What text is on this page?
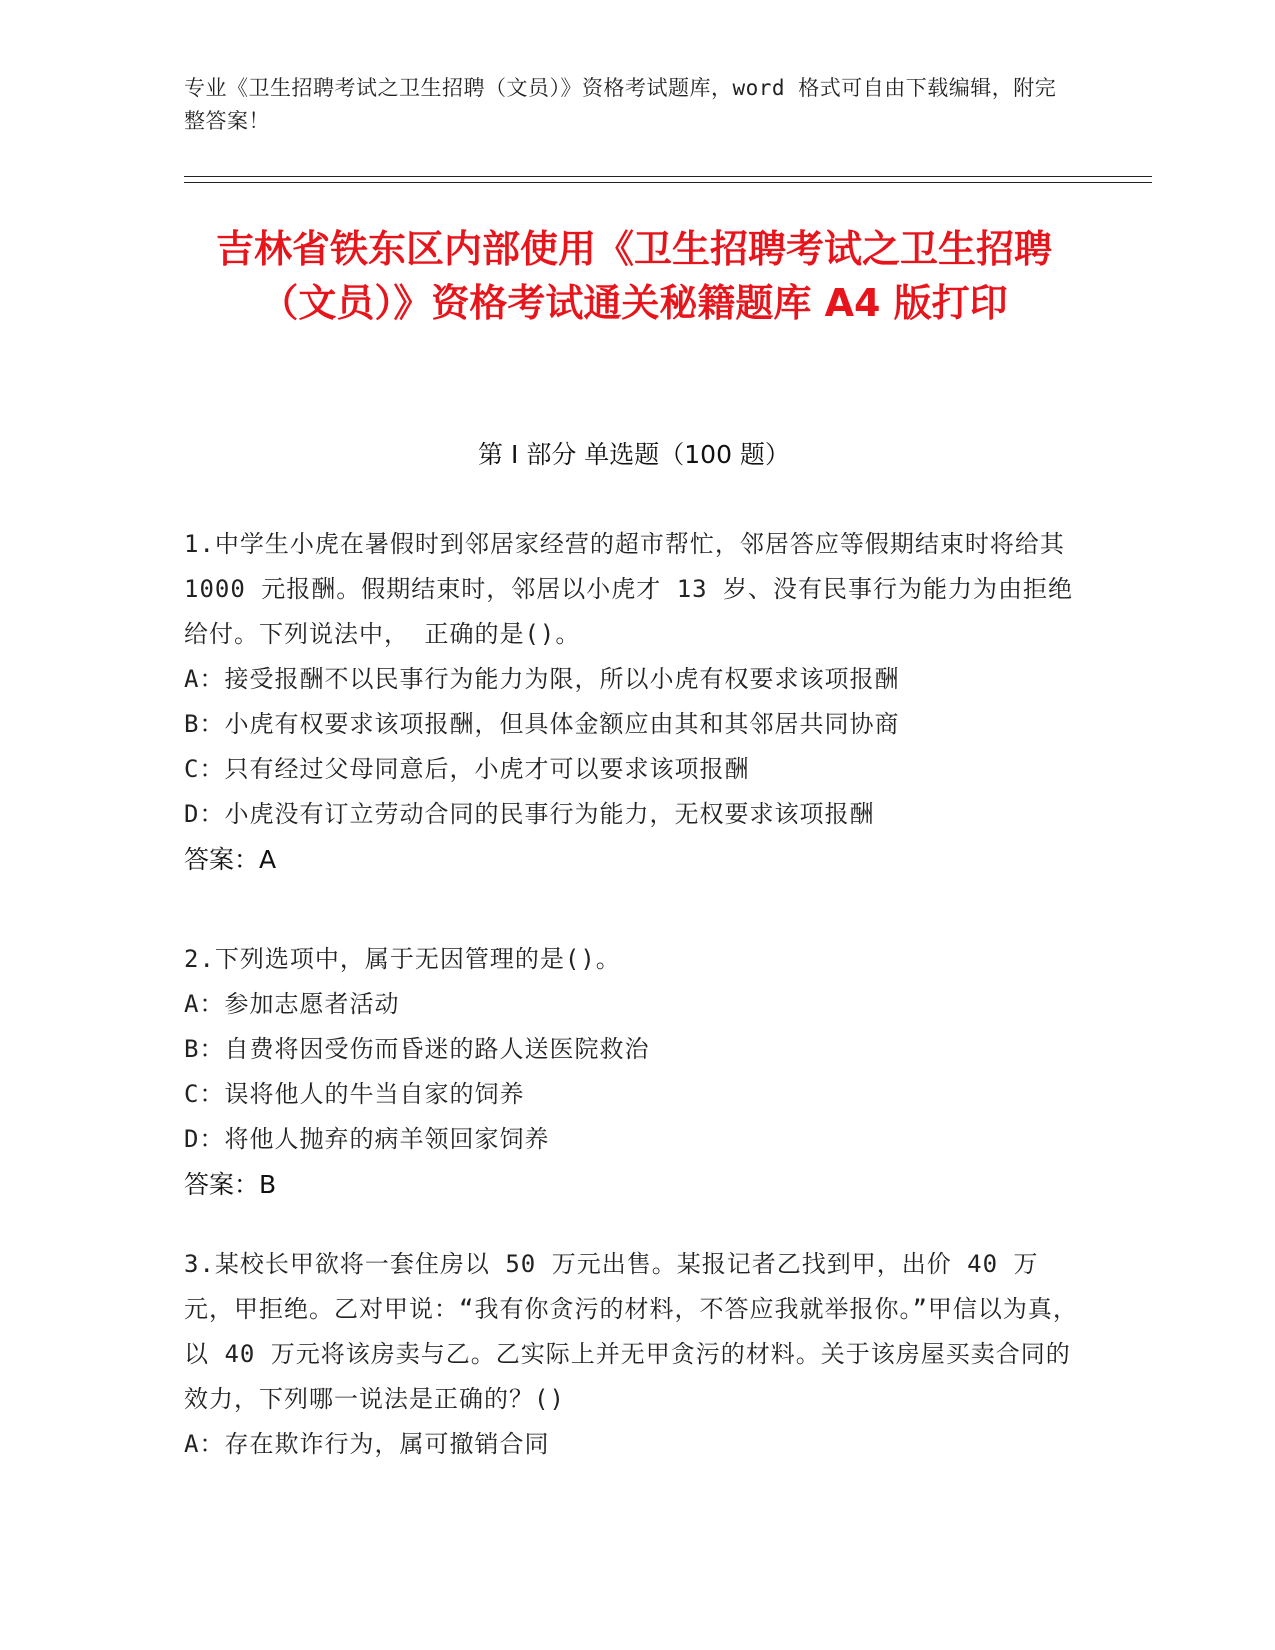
专业《卫生招聘考试之卫生招聘（文员）》资格考试题库，word 格式可自由下载编辑，附完整答案！
吉林省铁东区内部使用《卫生招聘考试之卫生招聘（文员）》资格考试通关秘籍题库 A4 版打印
第 I 部分 单选题（100 题）

1.中学生小虎在暑假时到邻居家经营的超市帮忙，邻居答应等假期结束时将给其 1000 元报酬。假期结束时，邻居以小虎才 13 岁、没有民事行为能力为由拒绝给付。下列说法中， 正确的是()。

A：接受报酬不以民事行为能力为限，所以小虎有权要求该项报酬

B：小虎有权要求该项报酬，但具体金额应由其和其邻居共同协商

C：只有经过父母同意后，小虎才可以要求该项报酬

D：小虎没有订立劳动合同的民事行为能力，无权要求该项报酬

答案：A

2.下列选项中，属于无因管理的是()。

A：参加志愿者活动

B：自费将因受伤而昏迷的路人送医院救治

C：误将他人的牛当自家的饲养

D：将他人抛弃的病羊领回家饲养

答案：B

3.某校长甲欲将一套住房以 50 万元出售。某报记者乙找到甲，出价 40 万元，甲拒绝。乙对甲说：“我有你贪污的材料，不答应我就举报你。”甲信以为真，以 40 万元将该房卖与乙。乙实际上并无甲贪污的材料。关于该房屋买卖合同的效力，下列哪一说法是正确的？()

A：存在欺诈行为，属可撤销合同
